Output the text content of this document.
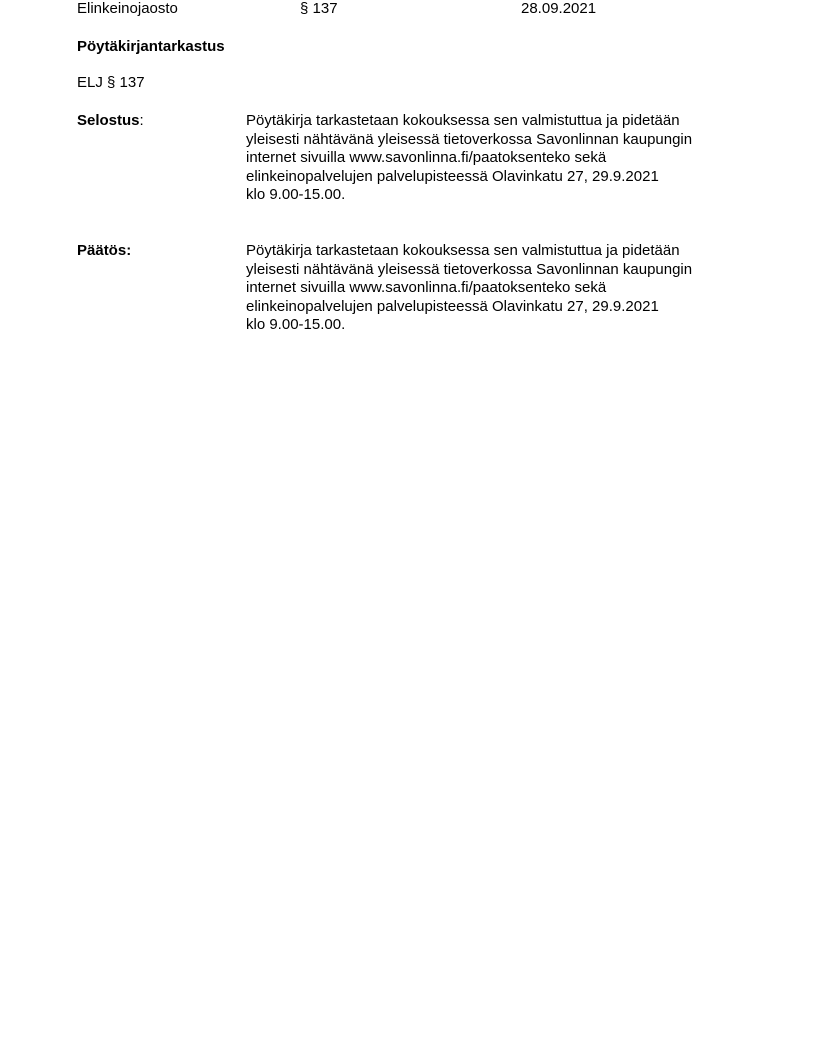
Elinkeinojaosto	§ 137	28.09.2021
Pöytäkirjantarkastus
ELJ § 137
Selostus:	Pöytäkirja tarkastetaan kokouksessa sen valmistuttua ja pidetään
yleisesti nähtävänä yleisessä tietoverkossa Savonlinnan kaupungin
internet sivuilla www.savonlinna.fi/paatoksenteko sekä
elinkeinopalvelujen palvelupisteessä Olavinkatu 27, 29.9.2021
klo 9.00-15.00.
Päätös:	Pöytäkirja tarkastetaan kokouksessa sen valmistuttua ja pidetään
yleisesti nähtävänä yleisessä tietoverkossa Savonlinnan kaupungin
internet sivuilla www.savonlinna.fi/paatoksenteko sekä
elinkeinopalvelujen palvelupisteessä Olavinkatu 27, 29.9.2021
klo 9.00-15.00.
